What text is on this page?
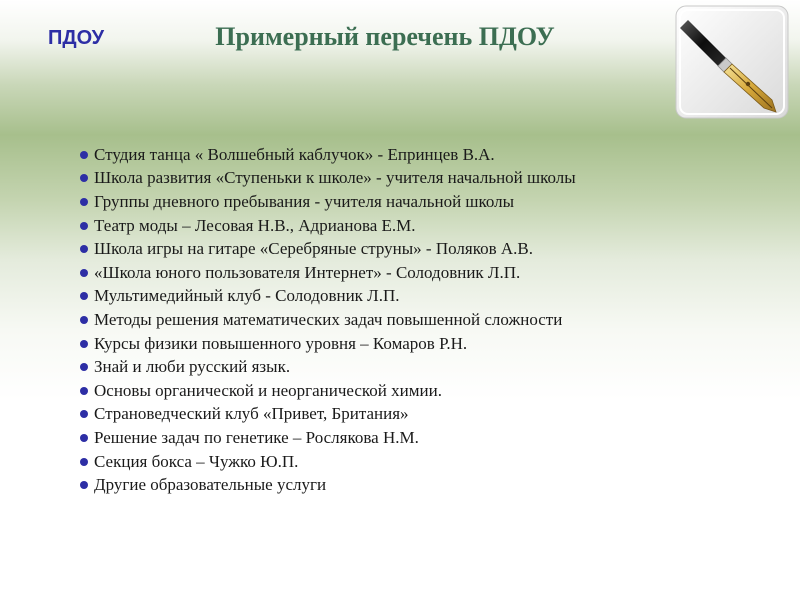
ПДОУ	Примерный перечень ПДОУ
Студия танца « Волшебный каблучок» - Епринцев В.А.
Школа развития «Ступеньки к школе» - учителя начальной школы
Группы дневного пребывания - учителя начальной школы
Театр моды – Лесовая Н.В., Адрианова Е.М.
Школа игры на гитаре «Серебряные струны» - Поляков А.В.
«Школа юного пользователя Интернет» - Солодовник Л.П.
Мультимедийный клуб - Солодовник Л.П.
Методы решения математических задач повышенной сложности
Курсы физики повышенного уровня – Комаров Р.Н.
Знай и люби русский язык.
Основы органической и неорганической химии.
Страноведческий клуб «Привет, Британия»
Решение задач по генетике – Рослякова Н.М.
Секция бокса – Чужко Ю.П.
Другие образовательные услуги
